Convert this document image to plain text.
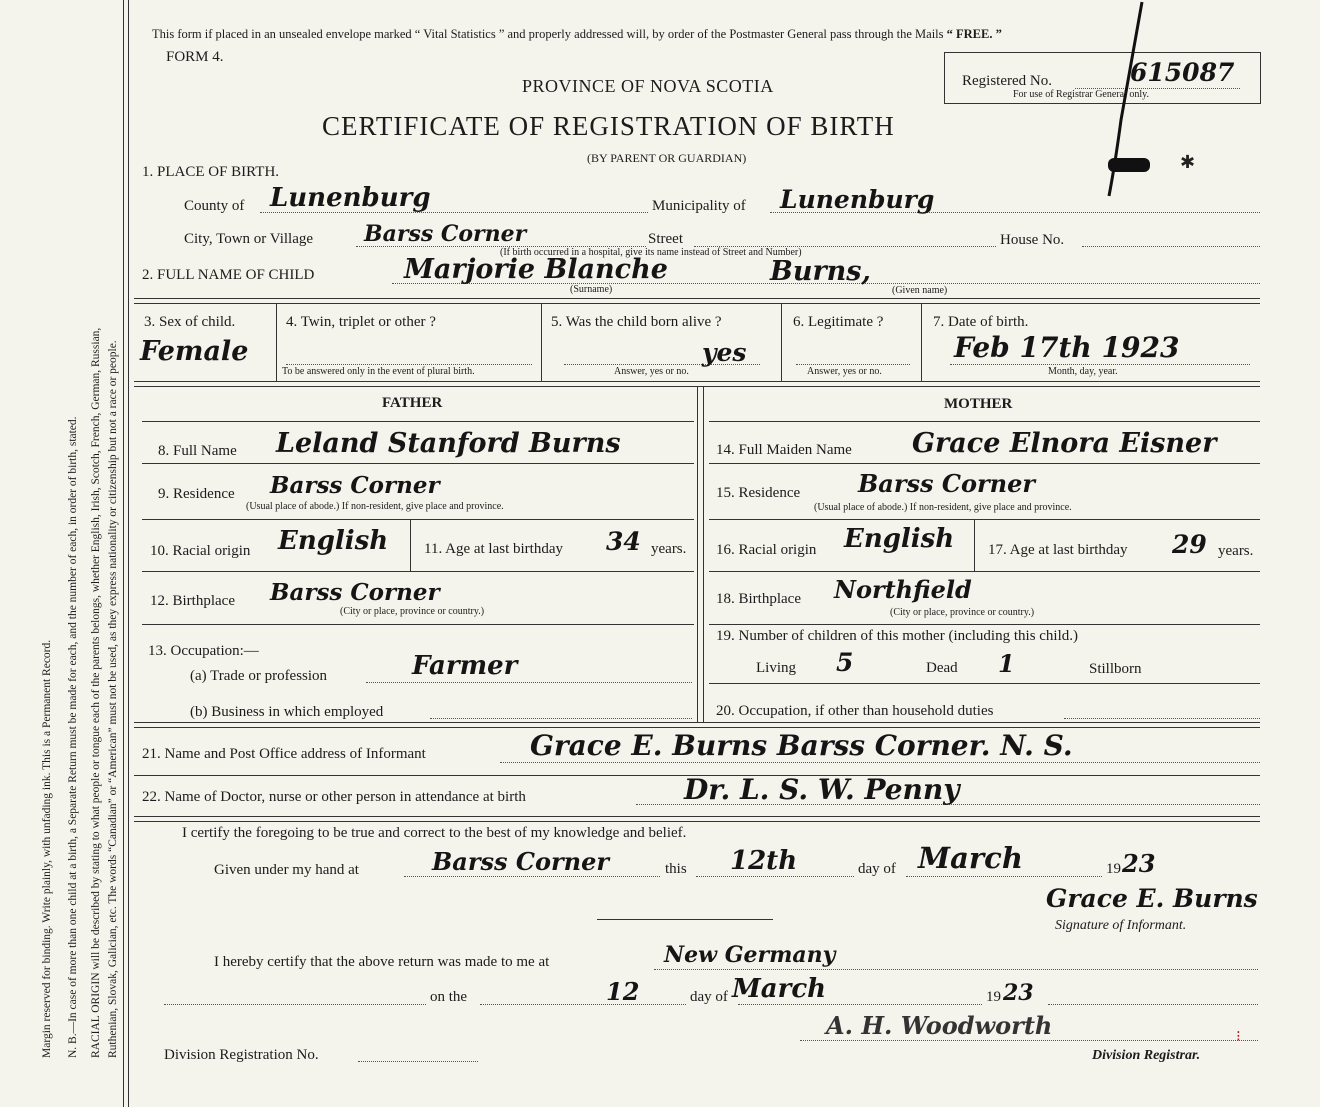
Margin reserved for binding. Write plainly, with unfading ink. This is a Permanent Record. N. B.—In case of more than one child at a birth, a Separate Return must be made for each, and the number of each, in order of birth, stated. RACIAL ORIGIN will be described by stating to what people or tongue each of the parents belongs, whether English, Irish, Scotch, French, German, Russian, Ruthenian, Slovak, Galician, etc. The words “Canadian” or “American” must not be used, as they express nationality or citizenship but not a race or people.
This form if placed in an unsealed envelope marked “ Vital Statistics ” and properly addressed will, by order of the Postmaster General pass through the Mails “ FREE. ”
FORM 4.
PROVINCE OF NOVA SCOTIA
CERTIFICATE OF REGISTRATION OF BIRTH
(BY PARENT OR GUARDIAN)
Registered No.	615087
For use of Registrar General only.
✱
1. PLACE OF BIRTH.
County of Lunenburg	Municipality of Lunenburg
City, Town or Village Barss Corner	Street	House No.
(If birth occurred in a hospital, give its name instead of Street and Number)
2. FULL NAME OF CHILD	Marjorie Blanche	Burns,
(Surname)	(Given name)
3. Sex of child.
Female
4. Twin, triplet or other ?
To be answered only in the event of plural birth.
5. Was the child born alive ?
yes
Answer, yes or no.
6. Legitimate ?
Answer, yes or no.
7. Date of birth.
Feb 17th 1923
Month, day, year.
FATHER	MOTHER
8. Full Name Leland Stanford Burns
9. Residence Barss Corner
(Usual place of abode.) If non-resident, give place and province.
10. Racial origin English 11. Age at last birthday 34 years.
12. Birthplace Barss Corner
(City or place, province or country.)
13. Occupation:—
(a) Trade or profession	Farmer
(b) Business in which employed
14. Full Maiden Name Grace Elnora Eisner
15. Residence Barss Corner
(Usual place of abode.) If non-resident, give place and province.
16. Racial origin English 17. Age at last birthday 29 years.
18. Birthplace Northfield
(City or place, province or country.)
19. Number of children of this mother (including this child.)
Living 5	Dead 1	Stillborn
20. Occupation, if other than household duties
21. Name and Post Office address of Informant	Grace E. Burns Barss Corner. N. S.
22. Name of Doctor, nurse or other person in attendance at birth	Dr. L. S. W. Penny
I certify the foregoing to be true and correct to the best of my knowledge and belief.
Given under my hand at	Barss Corner	this 12th	day of March	19 23
Grace E. Burns
Signature of Informant.
I hereby certify that the above return was made to me at	New Germany
on the	12	day of March	19 23
Division Registration No.
A. H. Woodworth
Division Registrar.
⁝
